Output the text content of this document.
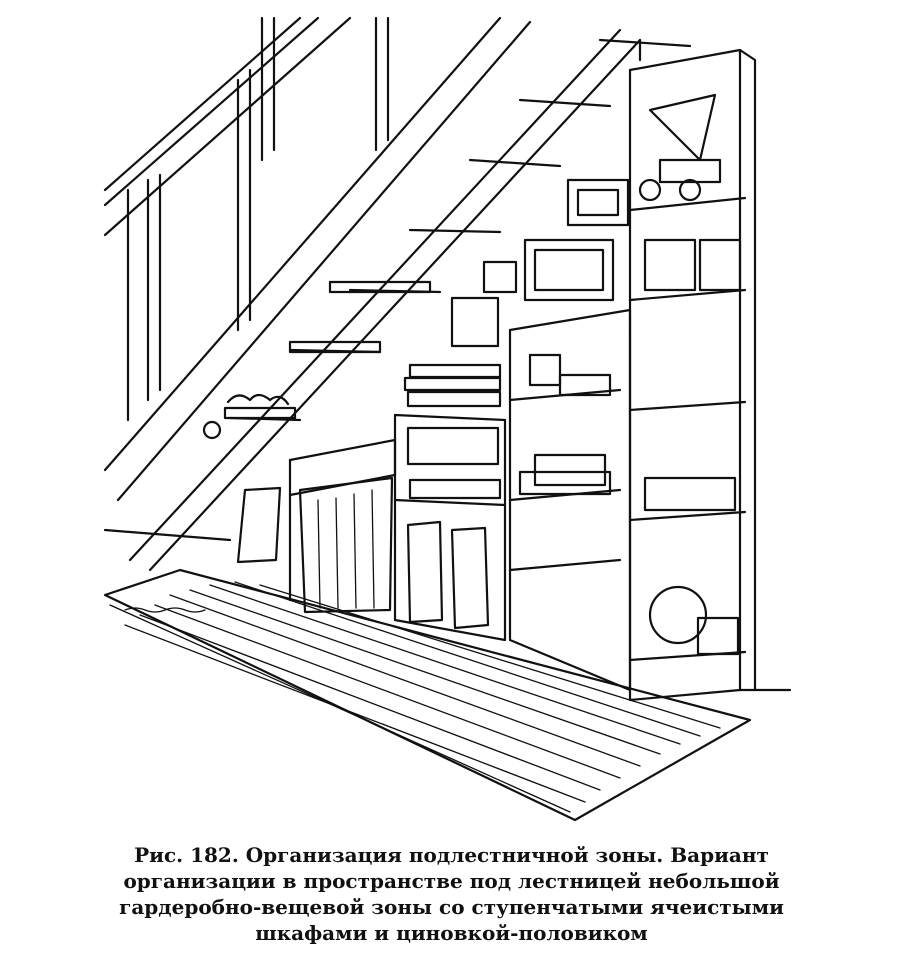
Рис. 182. Организация подлестничной зоны. Вариант организации в пространстве под лестницей небольшой гардеробно-вещевой зоны со ступенчатыми ячеистыми шкафами и циновкой-половиком
